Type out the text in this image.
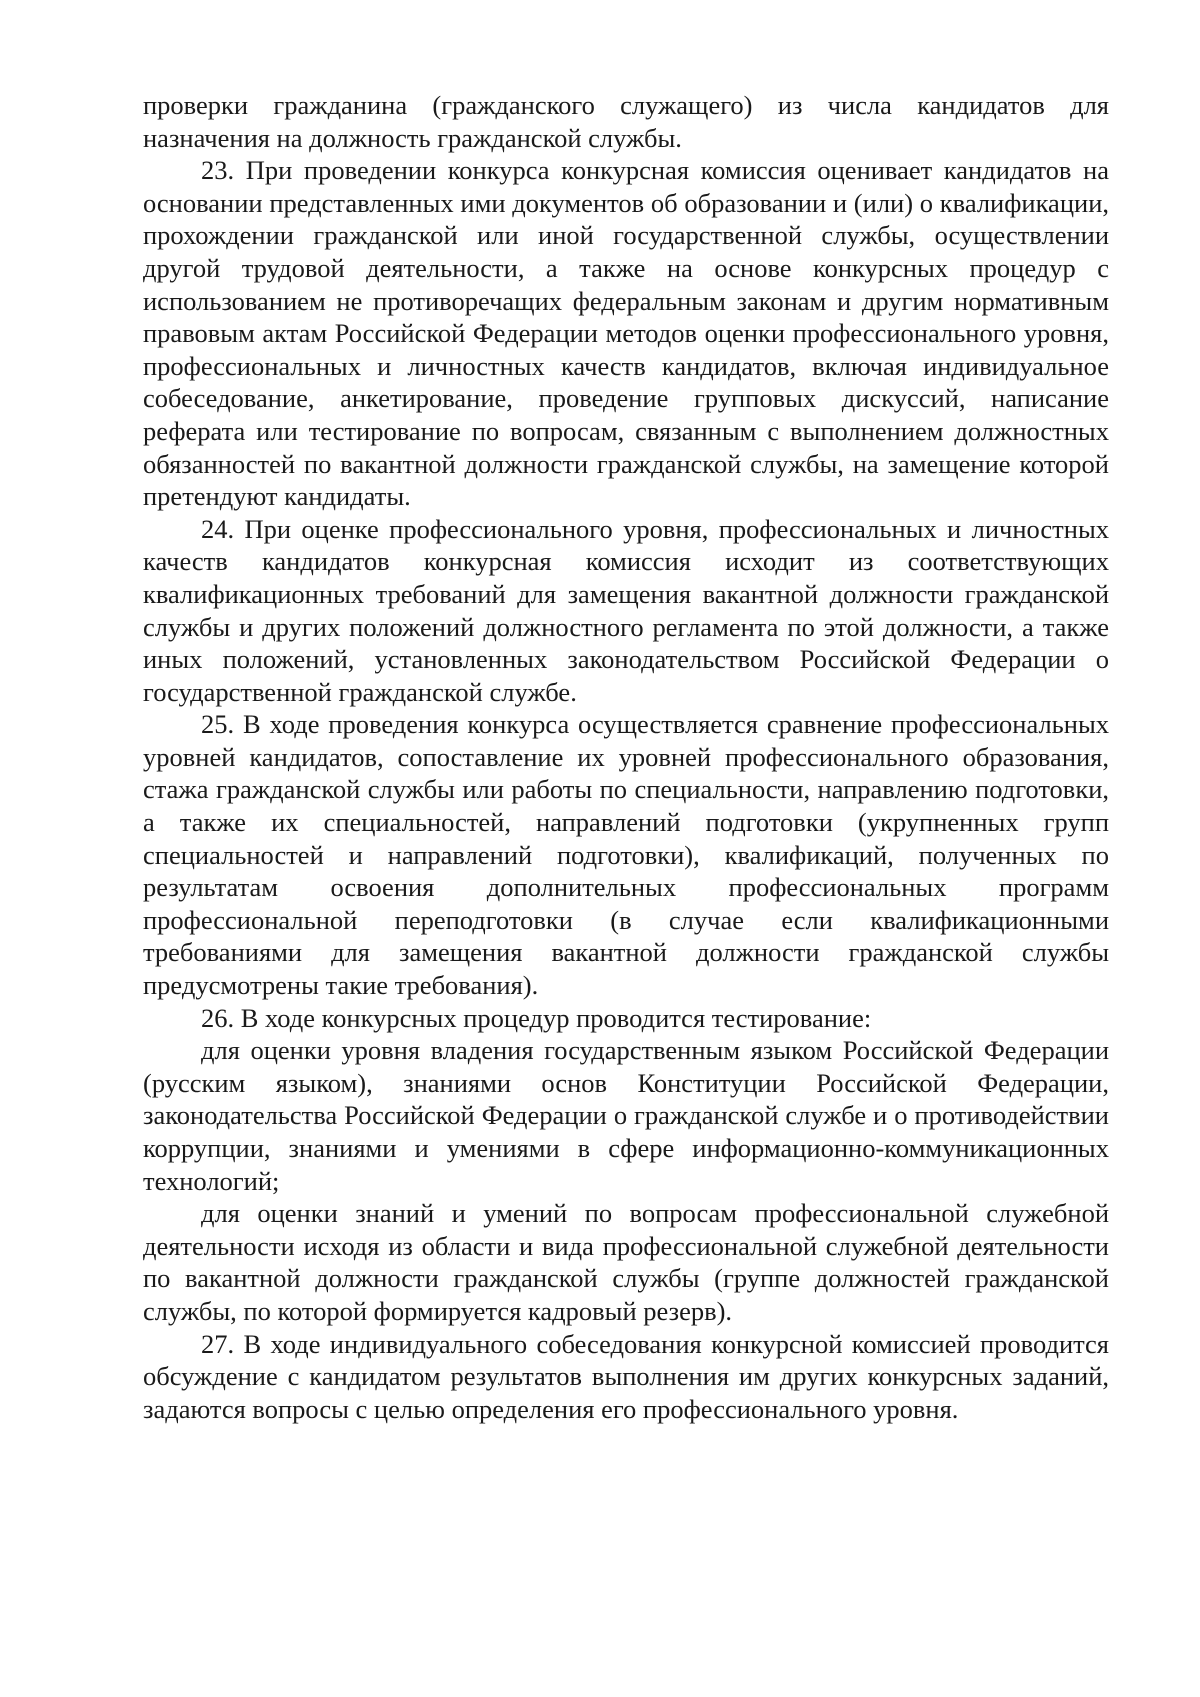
проверки гражданина (гражданского служащего) из числа кандидатов для назначения на должность гражданской службы.

23. При проведении конкурса конкурсная комиссия оценивает кандидатов на основании представленных ими документов об образовании и (или) о квалификации, прохождении гражданской или иной государственной службы, осуществлении другой трудовой деятельности, а также на основе конкурсных процедур с использованием не противоречащих федеральным законам и другим нормативным правовым актам Российской Федерации методов оценки профессионального уровня, профессиональных и личностных качеств кандидатов, включая индивидуальное собеседование, анкетирование, проведение групповых дискуссий, написание реферата или тестирование по вопросам, связанным с выполнением должностных обязанностей по вакантной должности гражданской службы, на замещение которой претендуют кандидаты.

24. При оценке профессионального уровня, профессиональных и личностных качеств кандидатов конкурсная комиссия исходит из соответствующих квалификационных требований для замещения вакантной должности гражданской службы и других положений должностного регламента по этой должности, а также иных положений, установленных законодательством Российской Федерации о государственной гражданской службе.

25. В ходе проведения конкурса осуществляется сравнение профессиональных уровней кандидатов, сопоставление их уровней профессионального образования, стажа гражданской службы или работы по специальности, направлению подготовки, а также их специальностей, направлений подготовки (укрупненных групп специальностей и направлений подготовки), квалификаций, полученных по результатам освоения дополнительных профессиональных программ профессиональной переподготовки (в случае если квалификационными требованиями для замещения вакантной должности гражданской службы предусмотрены такие требования).

26. В ходе конкурсных процедур проводится тестирование:

для оценки уровня владения государственным языком Российской Федерации (русским языком), знаниями основ Конституции Российской Федерации, законодательства Российской Федерации о гражданской службе и о противодействии коррупции, знаниями и умениями в сфере информационно-коммуникационных технологий;

для оценки знаний и умений по вопросам профессиональной служебной деятельности исходя из области и вида профессиональной служебной деятельности по вакантной должности гражданской службы (группе должностей гражданской службы, по которой формируется кадровый резерв).

27. В ходе индивидуального собеседования конкурсной комиссией проводится обсуждение с кандидатом результатов выполнения им других конкурсных заданий, задаются вопросы с целью определения его профессионального уровня.
